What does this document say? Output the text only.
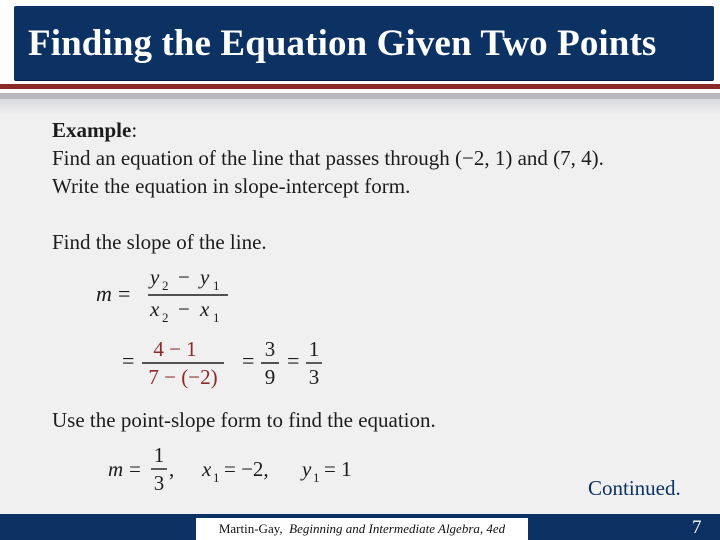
Finding the Equation Given Two Points
Example:
Find an equation of the line that passes through (−2, 1) and (7, 4).
Write the equation in slope-intercept form.
Find the slope of the line.
m =
y 2 − y 1
x 2 − x 1
= 4 − 1
7 − (−2)
= 3
9
= 1
3
Use the point-slope form to find the equation.
m =
1
3
, x 1 = −2, y 1 = 1
Continued.
Martin-Gay, Beginning and Intermediate Algebra, 4ed	7
